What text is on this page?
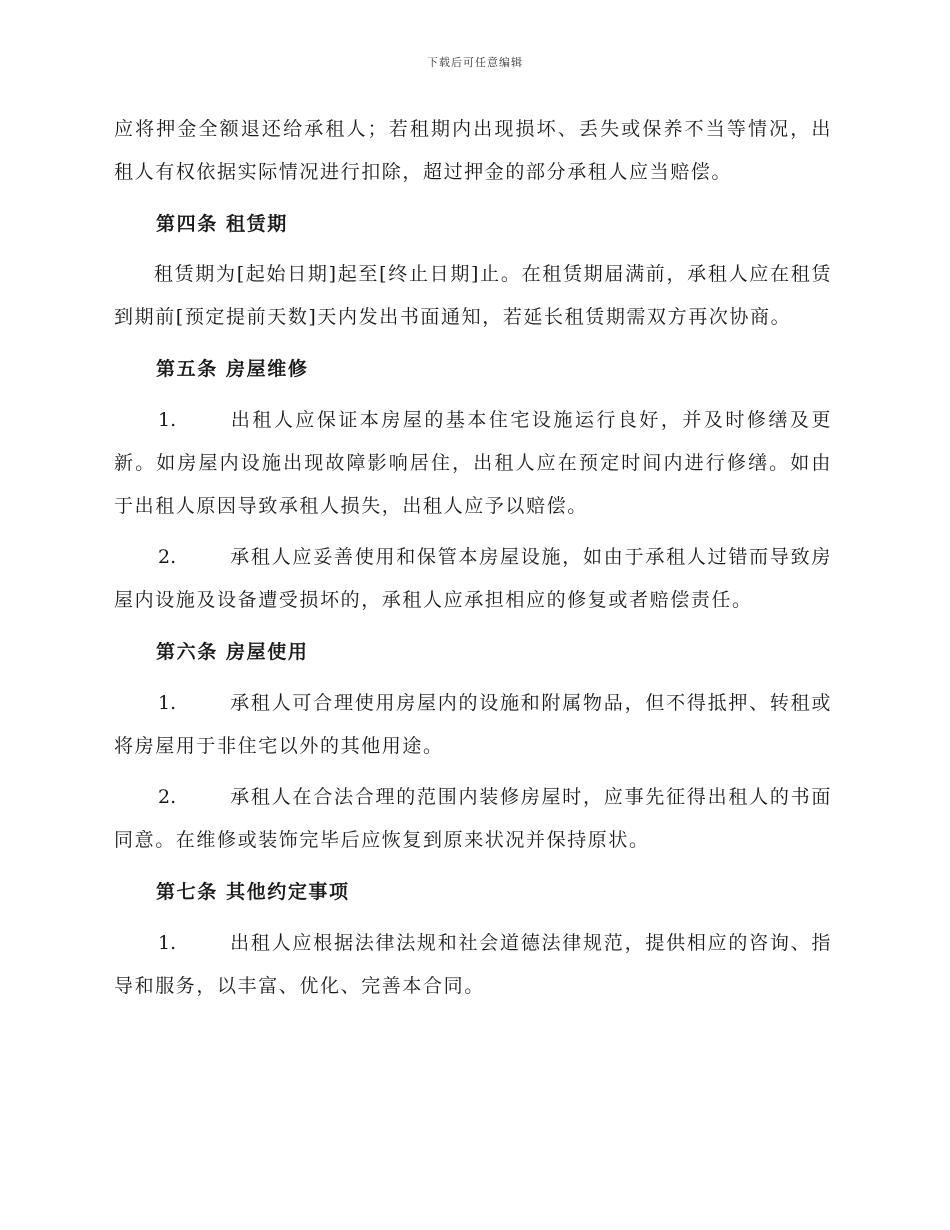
下载后可任意编辑

应将押金全额退还给承租人；若租期内出现损坏、丢失或保养不当等情况，出租人有权依据实际情况进行扣除，超过押金的部分承租人应当赔偿。

第四条 租赁期

租赁期为[起始日期]起至[终止日期]止。在租赁期届满前，承租人应在租赁到期前[预定提前天数]天内发出书面通知，若延长租赁期需双方再次协商。

第五条 房屋维修

1.	出租人应保证本房屋的基本住宅设施运行良好，并及时修缮及更新。如房屋内设施出现故障影响居住，出租人应在预定时间内进行修缮。如由于出租人原因导致承租人损失，出租人应予以赔偿。

2.	承租人应妥善使用和保管本房屋设施，如由于承租人过错而导致房屋内设施及设备遭受损坏的，承租人应承担相应的修复或者赔偿责任。

第六条 房屋使用

1.	承租人可合理使用房屋内的设施和附属物品，但不得抵押、转租或将房屋用于非住宅以外的其他用途。

2.	承租人在合法合理的范围内装修房屋时，应事先征得出租人的书面同意。在维修或装饰完毕后应恢复到原来状况并保持原状。

第七条 其他约定事项

1.	出租人应根据法律法规和社会道德法律规范，提供相应的咨询、指导和服务，以丰富、优化、完善本合同。
